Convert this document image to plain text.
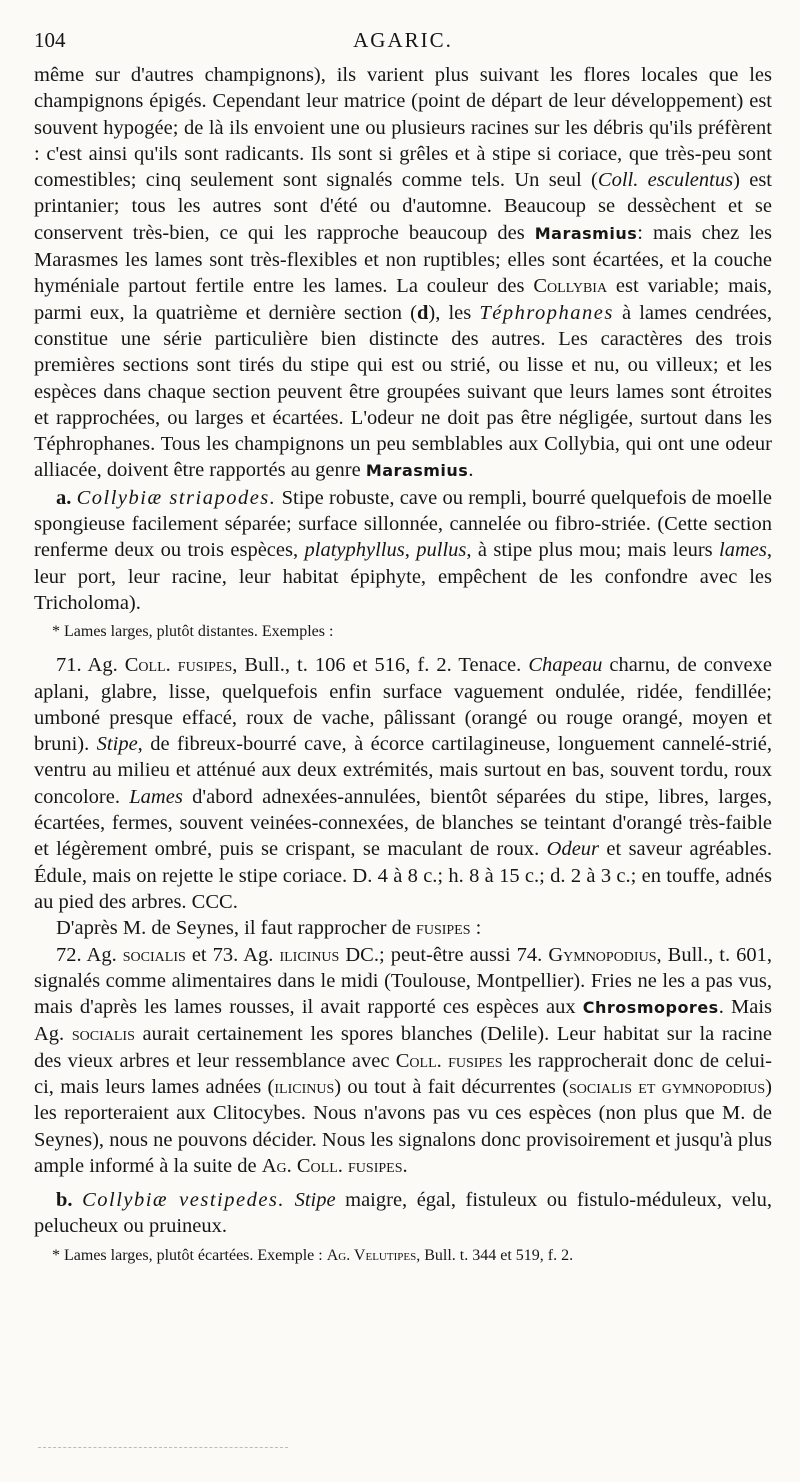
104	AGARIC.

même sur d'autres champignons), ils varient plus suivant les flores locales que les champignons épigés. Cependant leur matrice (point de départ de leur développement) est souvent hypogée; de là ils envoient une ou plusieurs racines sur les débris qu'ils préfèrent : c'est ainsi qu'ils sont radicants. Ils sont si grêles et à stipe si coriace, que très-peu sont comestibles; cinq seulement sont signalés comme tels. Un seul (Coll. esculentus) est printanier; tous les autres sont d'été ou d'automne. Beaucoup se dessèchent et se conservent très-bien, ce qui les rapproche beaucoup des Marasmius: mais chez les Marasmes les lames sont très-flexibles et non ruptibles; elles sont écartées, et la couche hyméniale partout fertile entre les lames. La couleur des Collybia est variable; mais, parmi eux, la quatrième et dernière section (d), les Téphrophanes à lames cendrées, constitue une série particulière bien distincte des autres. Les caractères des trois premières sections sont tirés du stipe qui est ou strié, ou lisse et nu, ou villeux; et les espèces dans chaque section peuvent être groupées suivant que leurs lames sont étroites et rapprochées, ou larges et écartées. L'odeur ne doit pas être négligée, surtout dans les Téphrophanes. Tous les champignons un peu semblables aux Collybia, qui ont une odeur alliacée, doivent être rapportés au genre Marasmius.

a. Collybiæ striapodes. Stipe robuste, cave ou rempli, bourré quelquefois de moelle spongieuse facilement séparée; surface sillonnée, cannelée ou fibro-striée. (Cette section renferme deux ou trois espèces, platyphyllus, pullus, à stipe plus mou; mais leurs lames, leur port, leur racine, leur habitat épiphyte, empêchent de les confondre avec les Tricholoma).

* Lames larges, plutôt distantes. Exemples :

71. Ag. Coll. fusipes, Bull., t. 106 et 516, f. 2. Tenace. Chapeau charnu, de convexe aplani, glabre, lisse, quelquefois enfin surface vaguement ondulée, ridée, fendillée; umboné presque effacé, roux de vache, pâlissant (orangé ou rouge orangé, moyen et bruni). Stipe, de fibreux-bourré cave, à écorce cartilagineuse, longuement cannelé-strié, ventru au milieu et atténué aux deux extrémités, mais surtout en bas, souvent tordu, roux concolore. Lames d'abord adnexées-annulées, bientôt séparées du stipe, libres, larges, écartées, fermes, souvent veinées-connexées, de blanches se teintant d'orangé très-faible et légèrement ombré, puis se crispant, se maculant de roux. Odeur et saveur agréables. Édule, mais on rejette le stipe coriace. D. 4 à 8 c.; h. 8 à 15 c.; d. 2 à 3 c.; en touffe, adnés au pied des arbres. CCC.

D'après M. de Seynes, il faut rapprocher de fusipes :

72. Ag. socialis et 73. Ag. ilicinus DC.; peut-être aussi 74. Gymnopodius, Bull., t. 601, signalés comme alimentaires dans le midi (Toulouse, Montpellier). Fries ne les a pas vus, mais d'après les lames rousses, il avait rapporté ces espèces aux Chrosmopores. Mais Ag. socialis aurait certainement les spores blanches (Delile). Leur habitat sur la racine des vieux arbres et leur ressemblance avec Coll. fusipes les rapprocherait donc de celui-ci, mais leurs lames adnées (ilicinus) ou tout à fait décurrentes (socialis et gymnopodius) les reporteraient aux Clitocybes. Nous n'avons pas vu ces espèces (non plus que M. de Seynes), nous ne pouvons décider. Nous les signalons donc provisoirement et jusqu'à plus ample informé à la suite de Ag. Coll. fusipes.

b. Collybiæ vestipedes. Stipe maigre, égal, fistuleux ou fistulo-méduleux, velu, pelucheux ou pruineux.

* Lames larges, plutôt écartées. Exemple : Ag. Velutipes, Bull. t. 344 et 519, f. 2.
